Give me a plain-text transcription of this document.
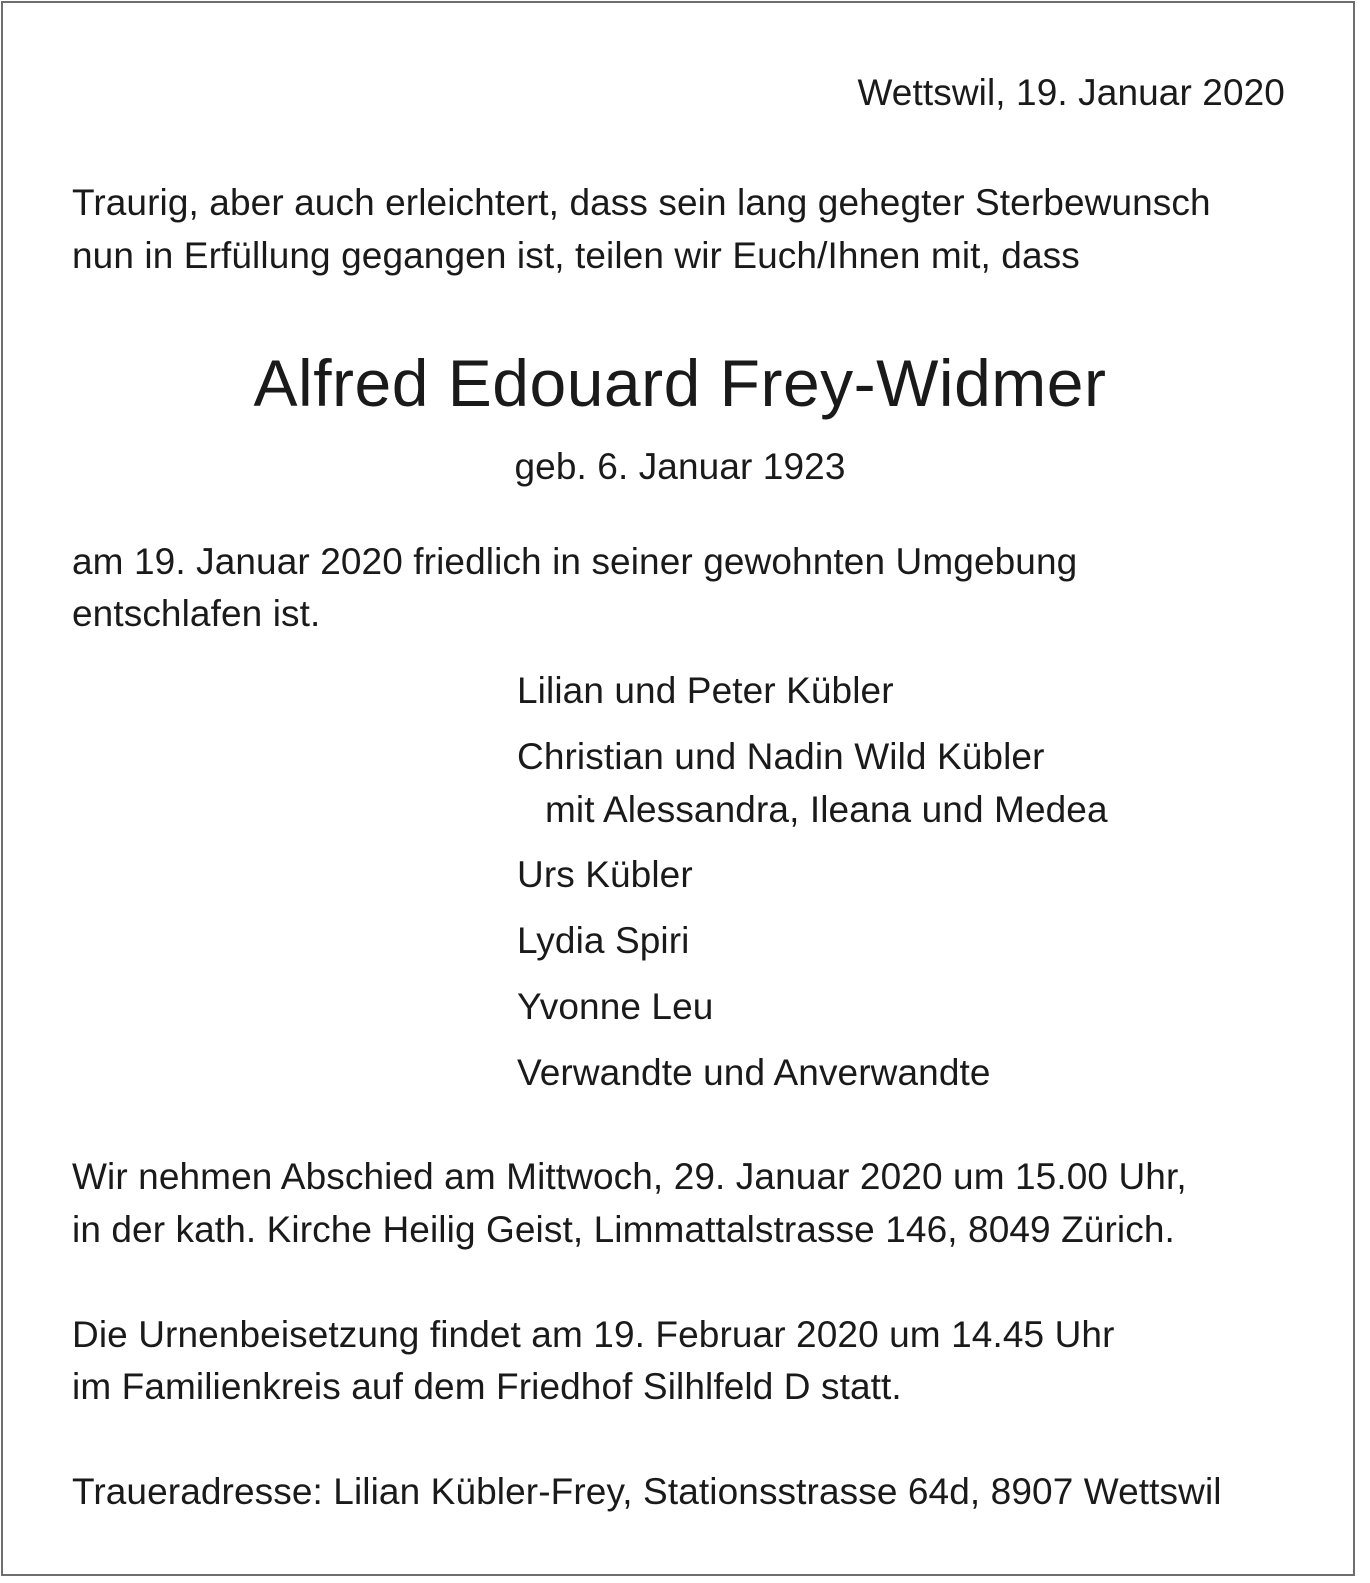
Wettswil, 19. Januar 2020
Traurig, aber auch erleichtert, dass sein lang gehegter Sterbewunsch
nun in Erfüllung gegangen ist, teilen wir Euch/Ihnen mit, dass
Alfred Edouard Frey-Widmer
geb. 6. Januar 1923
am 19. Januar 2020 friedlich in seiner gewohnten Umgebung
entschlafen ist.
Lilian und Peter Kübler
Christian und Nadin Wild Kübler
mit Alessandra, Ileana und Medea
Urs Kübler
Lydia Spiri
Yvonne Leu
Verwandte und Anverwandte
Wir nehmen Abschied am Mittwoch, 29. Januar 2020 um 15.00 Uhr,
in der kath. Kirche Heilig Geist, Limmattalstrasse 146, 8049 Zürich.
Die Urnenbeisetzung findet am 19. Februar 2020 um 14.45 Uhr
im Familienkreis auf dem Friedhof Silhlfeld D statt.
Traueradresse: Lilian Kübler-Frey, Stationsstrasse 64d, 8907 Wettswil
